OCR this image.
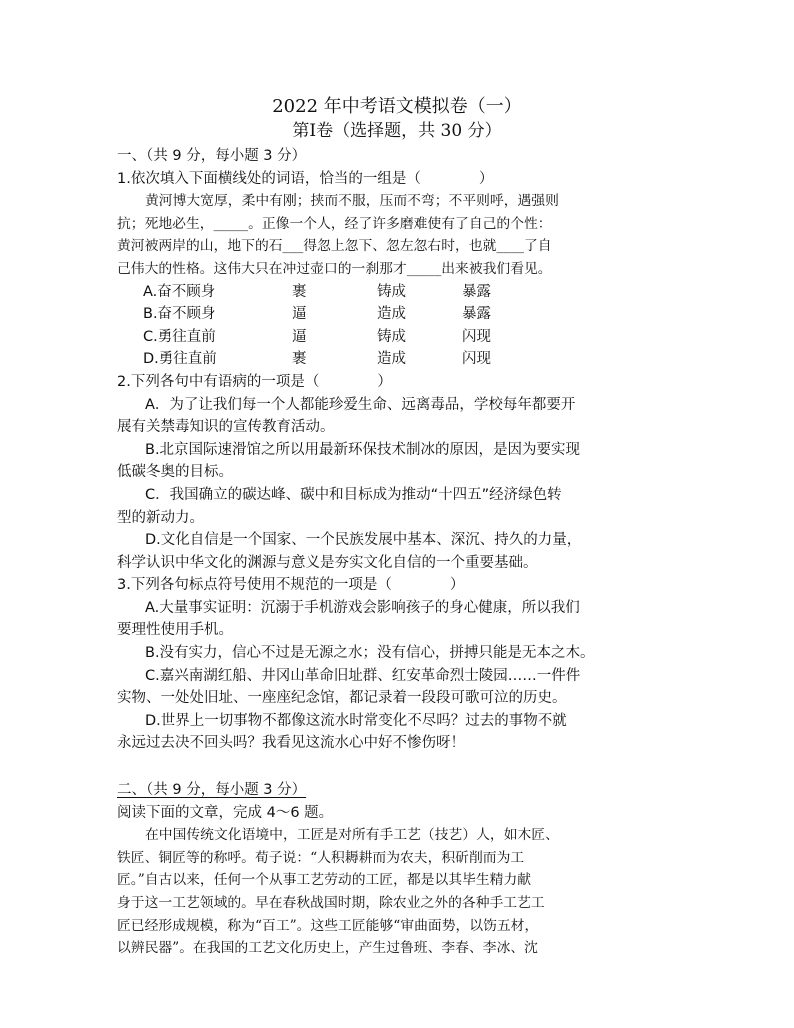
2022 年中考语文模拟卷（一）
第Ⅰ卷（选择题，共 30 分）
一、（共 9 分，每小题 3 分）
1.依次填入下面横线处的词语，恰当的一组是（　　　　）
黄河博大宽厚，柔中有刚；挟而不服，压而不弯；不平则呼，遇强则
抗；死地必生，_____。正像一个人，经了许多磨难使有了自己的个性：
黄河被两岸的山，地下的石___得忽上忽下、忽左忽右时，也就____了自
己伟大的性格。这伟大只在冲过壶口的一刹那才_____出来被我们看见。
A.奋不顾身	裹	铸成	暴露
B.奋不顾身	逼	造成	暴露
C.勇往直前	逼	铸成	闪现
D.勇往直前	裹	造成	闪现
2.下列各句中有语病的一项是（　　　　）
A．为了让我们每一个人都能珍爱生命、远离毒品，学校每年都要开
展有关禁毒知识的宣传教育活动。
B.北京国际速滑馆之所以用最新环保技术制冰的原因，是因为要实现
低碳冬奥的目标。
C．我国确立的碳达峰、碳中和目标成为推动“十四五”经济绿色转
型的新动力。
D.文化自信是一个国家、一个民族发展中基本、深沉、持久的力量，
科学认识中华文化的渊源与意义是夯实文化自信的一个重要基础。
3.下列各句标点符号使用不规范的一项是（　　　　）
A.大量事实证明：沉溺于手机游戏会影响孩子的身心健康，所以我们
要理性使用手机。
B.没有实力，信心不过是无源之水；没有信心，拼搏只能是无本之木。
C.嘉兴南湖红船、井冈山革命旧址群、红安革命烈士陵园……一件件
实物、一处处旧址、一座座纪念馆，都记录着一段段可歌可泣的历史。
D.世界上一切事物不都像这流水时常变化不尽吗？过去的事物不就
永远过去决不回头吗？我看见这流水心中好不惨伤呀！
二、（共 9 分，每小题 3 分）
阅读下面的文章，完成 4～6 题。
在中国传统文化语境中，工匠是对所有手工艺（技艺）人，如木匠、
铁匠、铜匠等的称呼。荀子说：“人积耨耕而为农夫，积斫削而为工
匠。”自古以来，任何一个从事工艺劳动的工匠，都是以其毕生精力献
身于这一工艺领域的。早在春秋战国时期，除农业之外的各种手工艺工
匠已经形成规模，称为“百工”。这些工匠能够“审曲面势，以饬五材，
以辨民器”。在我国的工艺文化历史上，产生过鲁班、李春、李冰、沈
